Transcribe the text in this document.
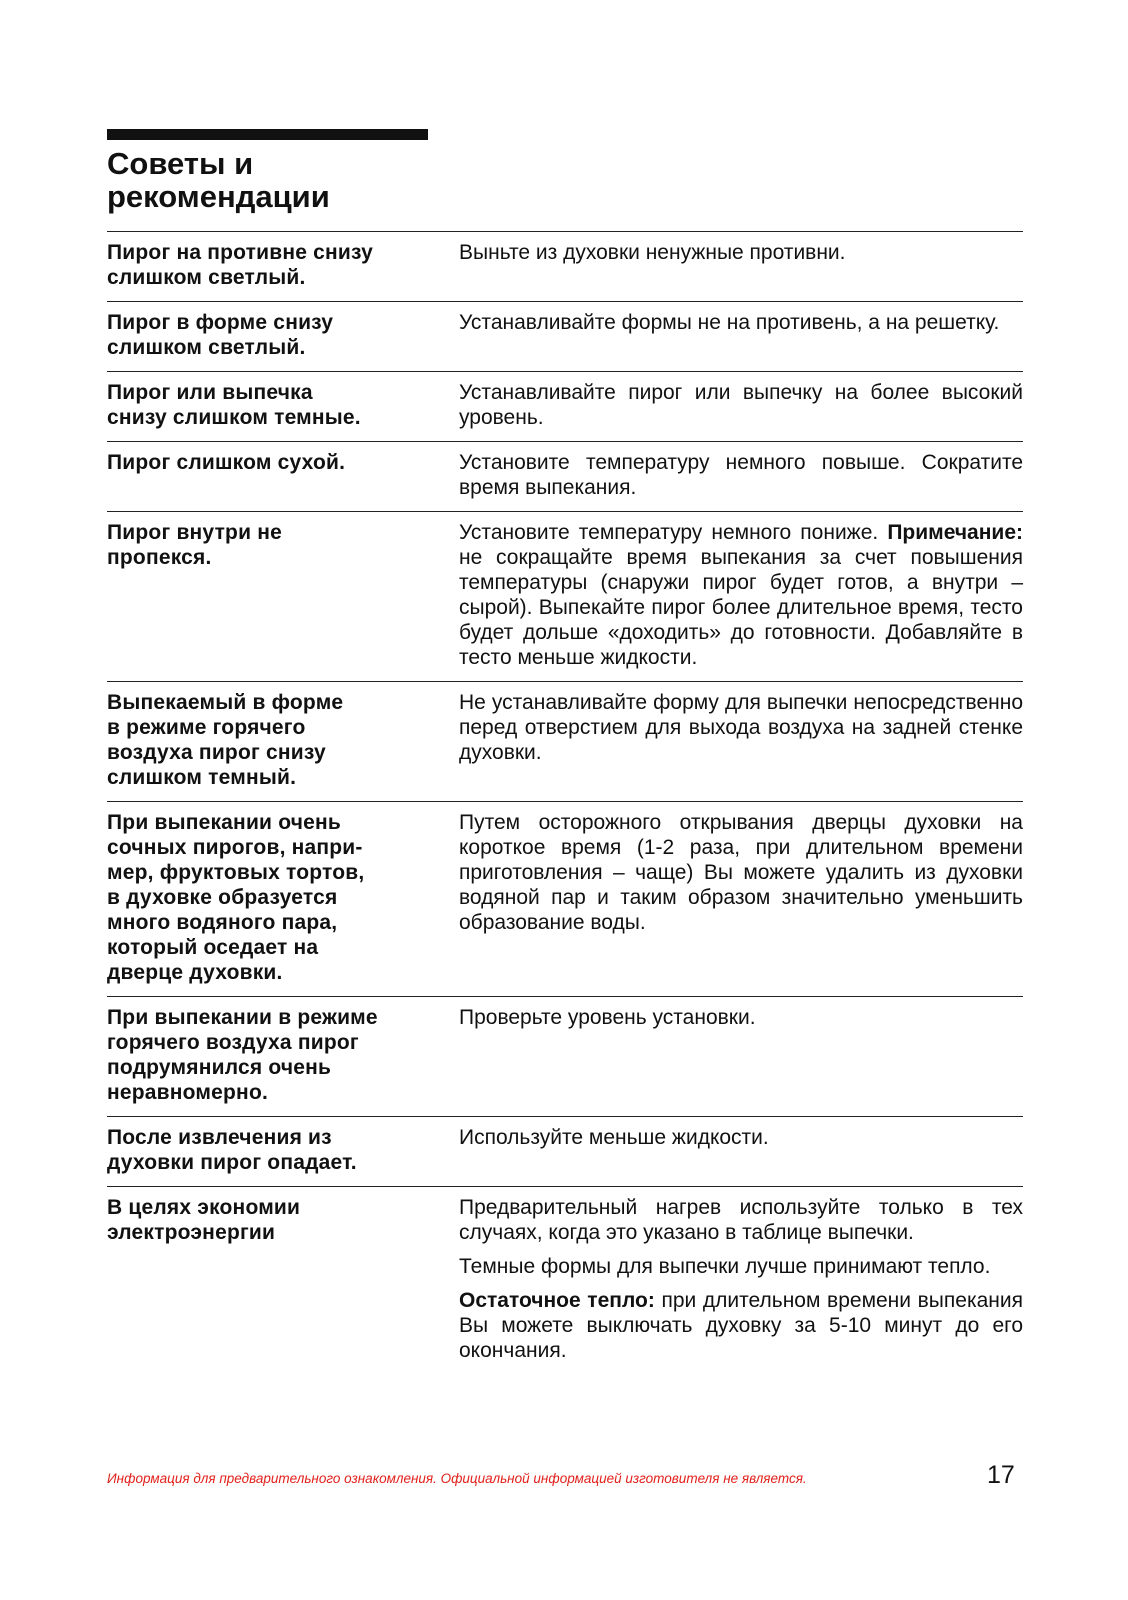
Советы и
рекомендации
Пирог на противне снизу
слишком светлый.

Выньте из духовки ненужные противни.

Пирог в форме снизу
слишком светлый.

Устанавливайте формы не на противень, а на решетку.

Пирог или выпечка
снизу слишком темные.

Устанавливайте пирог или выпечку на более высокий уровень.

Пирог слишком сухой.	Установите температуру немного повыше. Сократите время выпекания.

Пирог внутри не
пропекся.

Установите температуру немного пониже. Примечание: не сокращайте время выпекания за счет повышения температуры (снаружи пирог будет готов, а внутри – сырой). Выпекайте пирог более длительное время, тесто будет дольше «доходить» до готовности. Добавляйте в тесто меньше жидкости.

Выпекаемый в форме
в режиме горячего
воздуха пирог снизу
слишком темный.

Не устанавливайте форму для выпечки непосредственно перед отверстием для выхода воздуха на задней стенке духовки.

При выпекании очень
сочных пирогов, напри-
мер, фруктовых тортов,
в духовке образуется
много водяного пара,
который оседает на
дверце духовки.

Путем осторожного открывания дверцы духовки на короткое время (1-2 раза, при длительном времени приготовления – чаще) Вы можете удалить из духовки водяной пар и таким образом значительно уменьшить образование воды.

При выпекании в режиме
горячего воздуха пирог
подрумянился очень
неравномерно.

Проверьте уровень установки.

После извлечения из
духовки пирог опадает.

Используйте меньше жидкости.

В целях экономии
электроэнергии

Предварительный нагрев используйте только в тех случаях, когда это указано в таблице выпечки.

Темные формы для выпечки лучше принимают тепло.

Остаточное тепло: при длительном времени выпекания Вы можете выключать духовку за 5-10 минут до его окончания.

Информация для предварительного ознакомления. Официальной информацией изготовителя не является.	17
